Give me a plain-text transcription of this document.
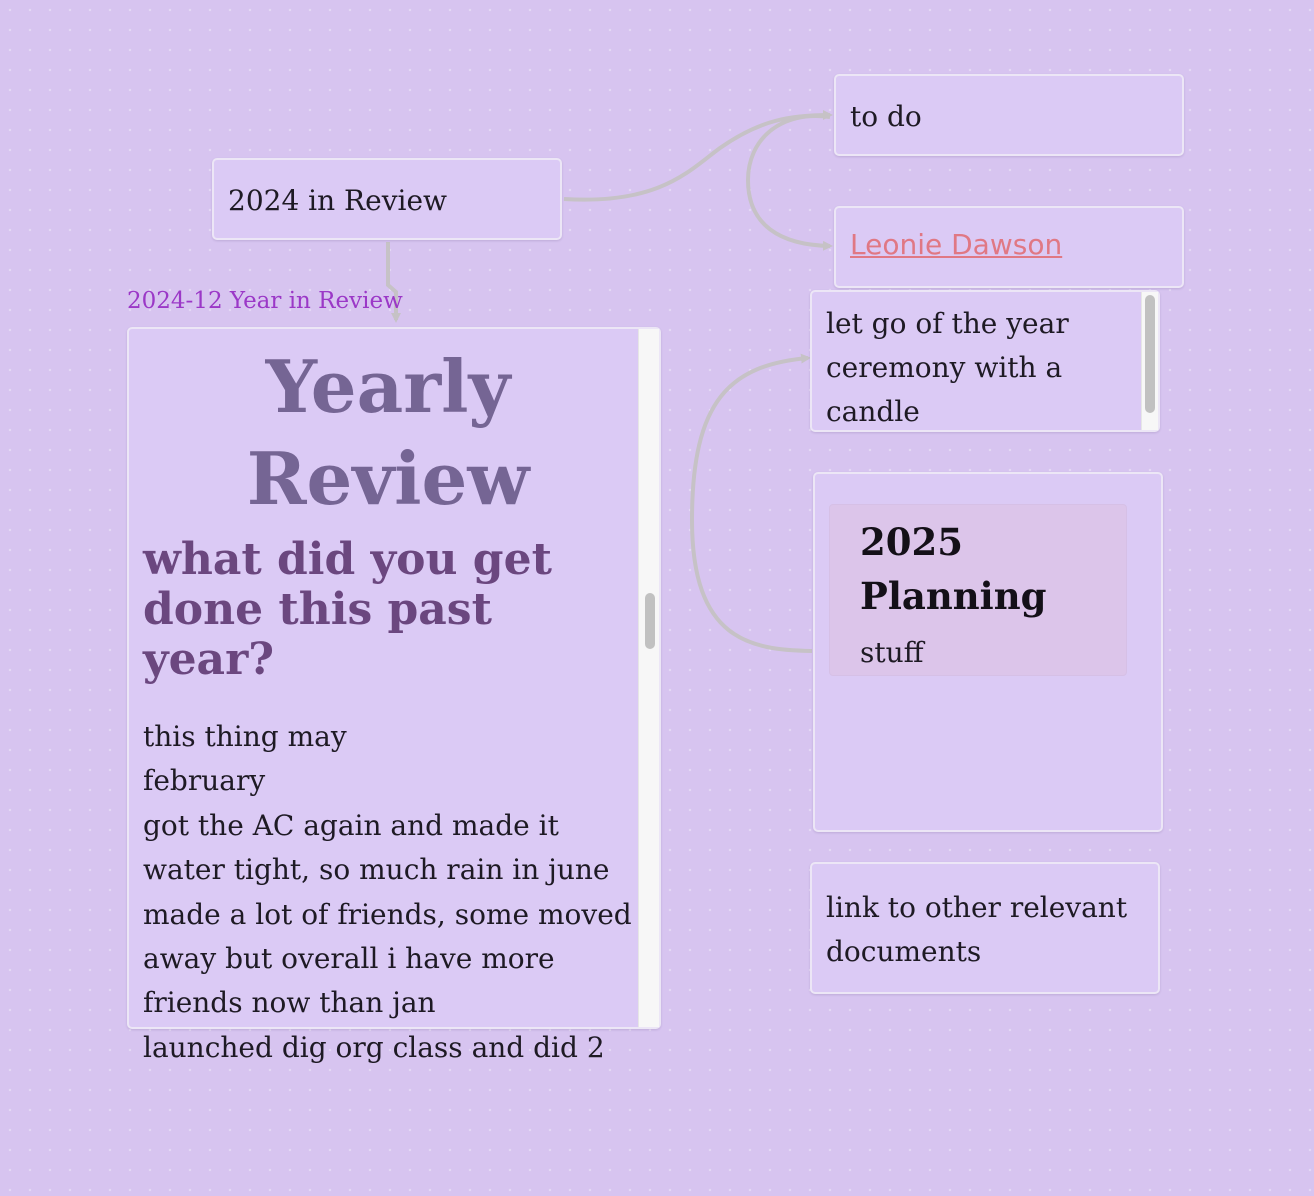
2024 in Review
to do
Leonie Dawson
let go of the year ceremony with a candle
2024-12 Year in Review
Yearly Review
what did you get done this past year?
this thing may
february
got the AC again and made it
water tight, so much rain in june
made a lot of friends, some moved
away but overall i have more
friends now than jan
launched dig org class and did 2
2025 Planning
stuff
link to other relevant documents
